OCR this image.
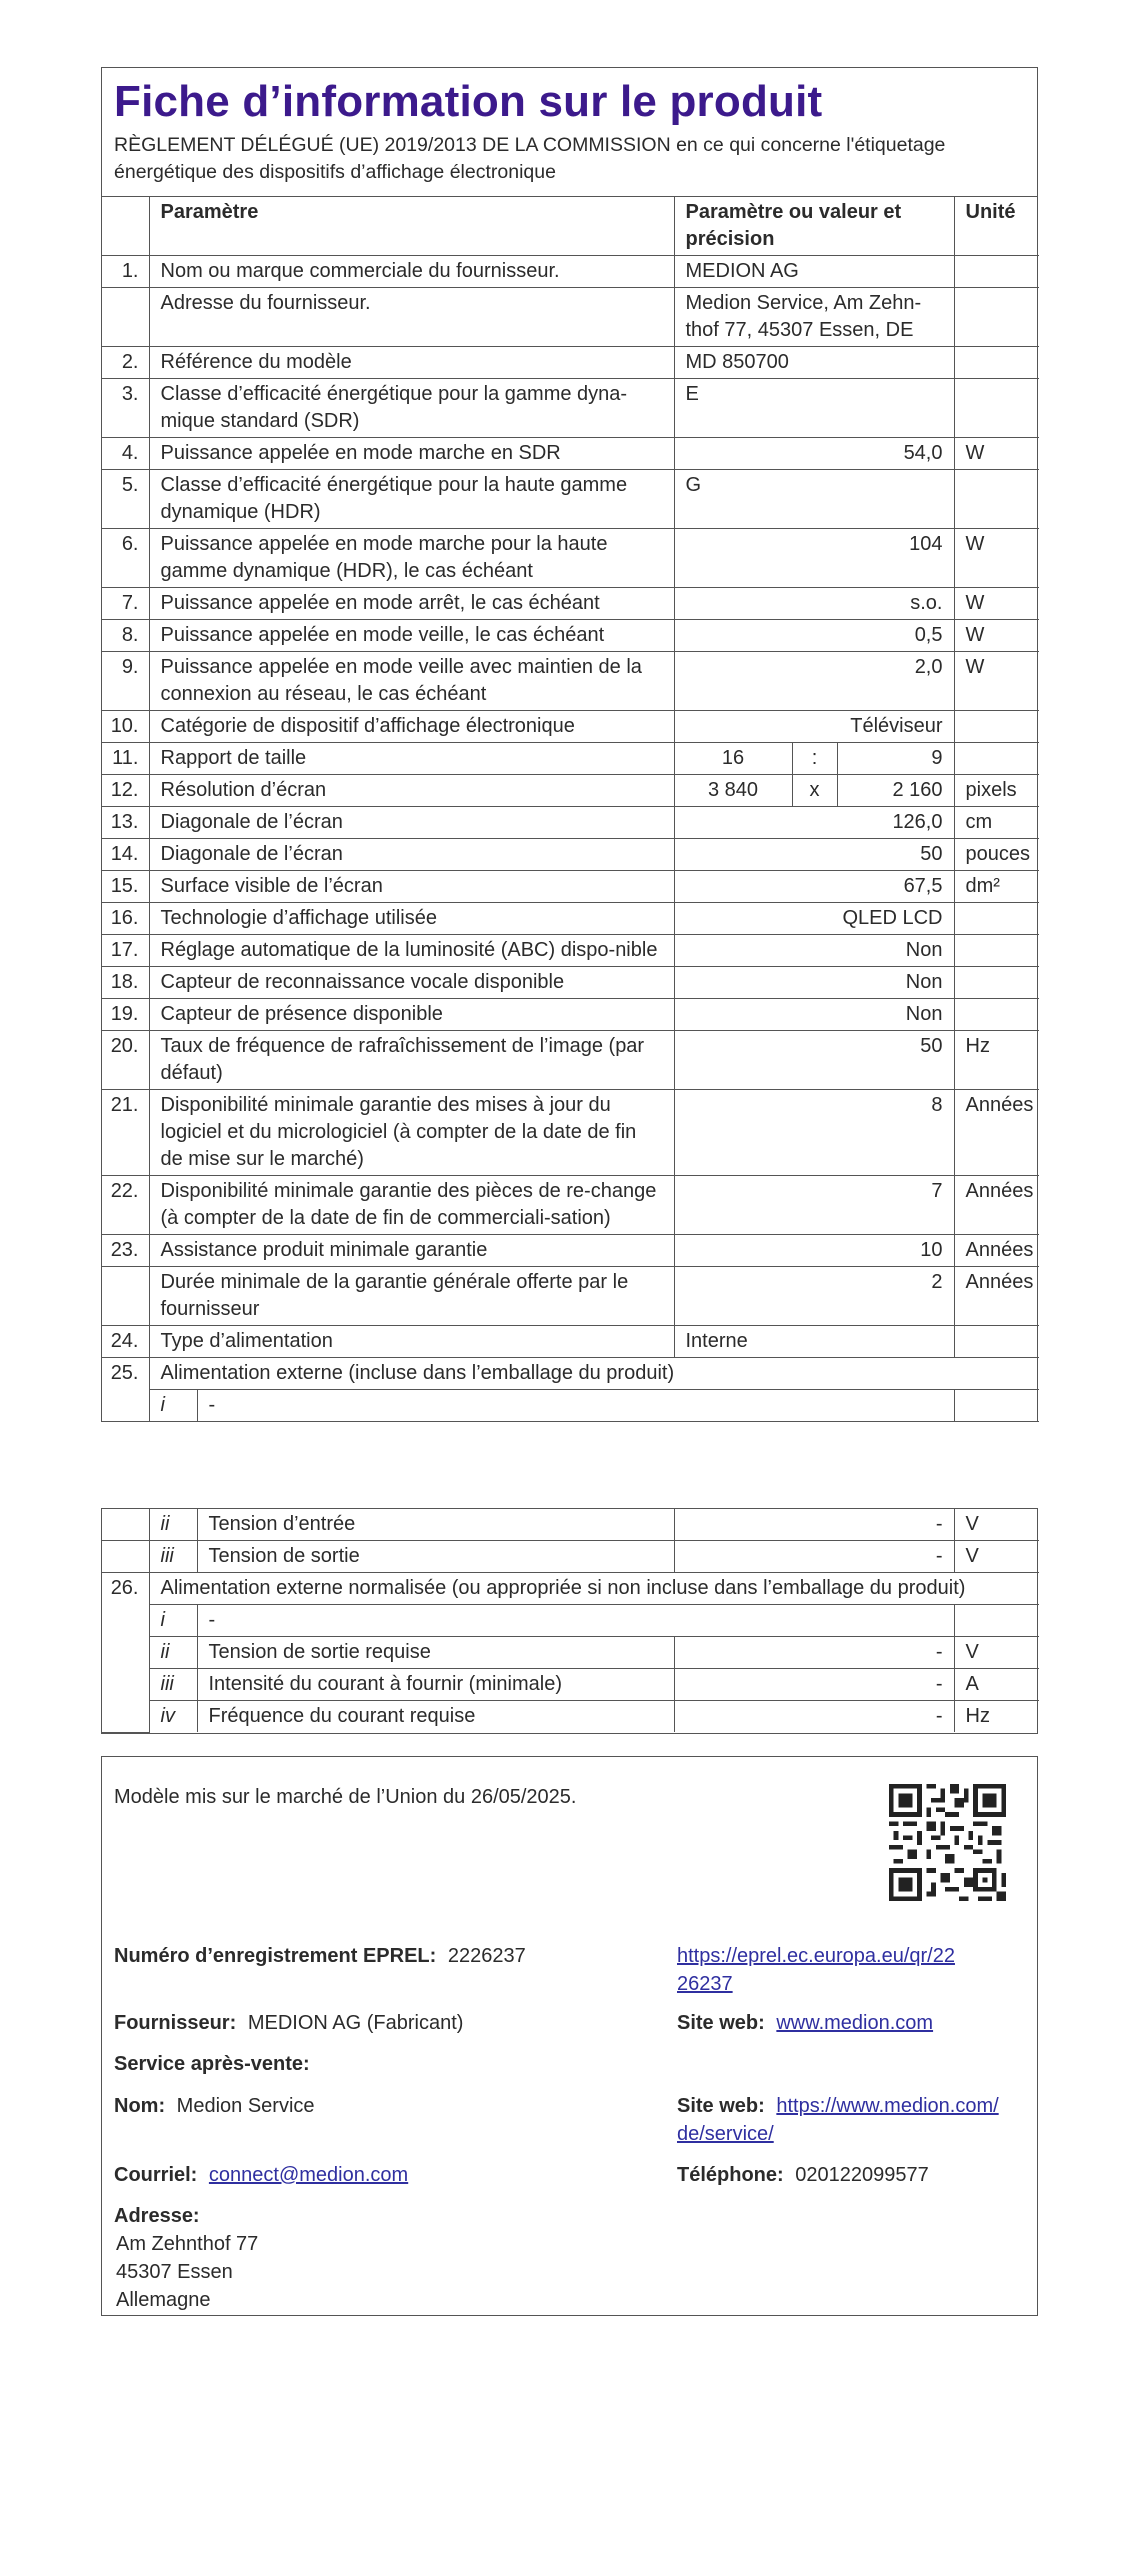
Fiche d’information sur le produit
RÈGLEMENT DÉLÉGUÉ (UE) 2019/2013 DE LA COMMISSION en ce qui concerne l'étiquetage énergétique des dispositifs d’affichage électronique
	Paramètre		Paramètre ou valeur et précision			Unité
1.	Nom ou marque commerciale du fournisseur.		MEDION AG			
	Adresse du fournisseur.		Medion Service, Am Zehn-thof 77, 45307 Essen, DE			
2.	Référence du modèle		MD 850700			
3.	Classe d’efficacité énergétique pour la gamme dyna-mique standard (SDR)		E			
4.	Puissance appelée en mode marche en SDR		54,0			W
5.	Classe d’efficacité énergétique pour la haute gamme dynamique (HDR)		G			
6.	Puissance appelée en mode marche pour la haute gamme dynamique (HDR), le cas échéant		104			W
7.	Puissance appelée en mode arrêt, le cas échéant		s.o.			W
8.	Puissance appelée en mode veille, le cas échéant		0,5			W
9.	Puissance appelée en mode veille avec maintien de la connexion au réseau, le cas échéant		2,0			W
10.	Catégorie de dispositif d’affichage électronique		Téléviseur			
11.	Rapport de taille		16	:	9	
12.	Résolution d’écran		3 840	x	2 160	pixels
13.	Diagonale de l’écran		126,0			cm
14.	Diagonale de l’écran		50			pouces
15.	Surface visible de l’écran		67,5			dm²
16.	Technologie d’affichage utilisée		QLED LCD			
17.	Réglage automatique de la luminosité (ABC) dispo-nible		Non			
18.	Capteur de reconnaissance vocale disponible		Non			
19.	Capteur de présence disponible		Non			
20.	Taux de fréquence de rafraîchissement de l’image (par défaut)		50			Hz
21.	Disponibilité minimale garantie des mises à jour du logiciel et du micrologiciel (à compter de la date de fin de mise sur le marché)		8			Années
22.	Disponibilité minimale garantie des pièces de re-change (à compter de la date de fin de commerciali-sation)		7			Années
23.	Assistance produit minimale garantie		10			Années
	Durée minimale de la garantie générale offerte par le fournisseur		2			Années
24.	Type d’alimentation		Interne			
25.	Alimentation externe (incluse dans l’emballage du produit)					
	i	-				
	ii	Tension d’entrée	-	V
	iii	Tension de sortie	-	V
26.	Alimentation externe normalisée (ou appropriée si non incluse dans l’emballage du produit)			
	i	-		
	ii	Tension de sortie requise	-	V
	iii	Intensité du courant à fournir (minimale)	-	A
	iv	Fréquence du courant requise	-	Hz
Modèle mis sur le marché de l’Union du 26/05/2025.
Numéro d’enregistrement EPREL: 2226237	https://eprel.ec.europa.eu/qr/22
26237
Fournisseur: MEDION AG (Fabricant)	Site web: www.medion.com
Service après-vente:
Nom: Medion Service	Site web: https://www.medion.com/
de/service/
Courriel: connect@medion.com	Téléphone: 020122099577
Adresse:
Am Zehnthof 77
45307 Essen
Allemagne
